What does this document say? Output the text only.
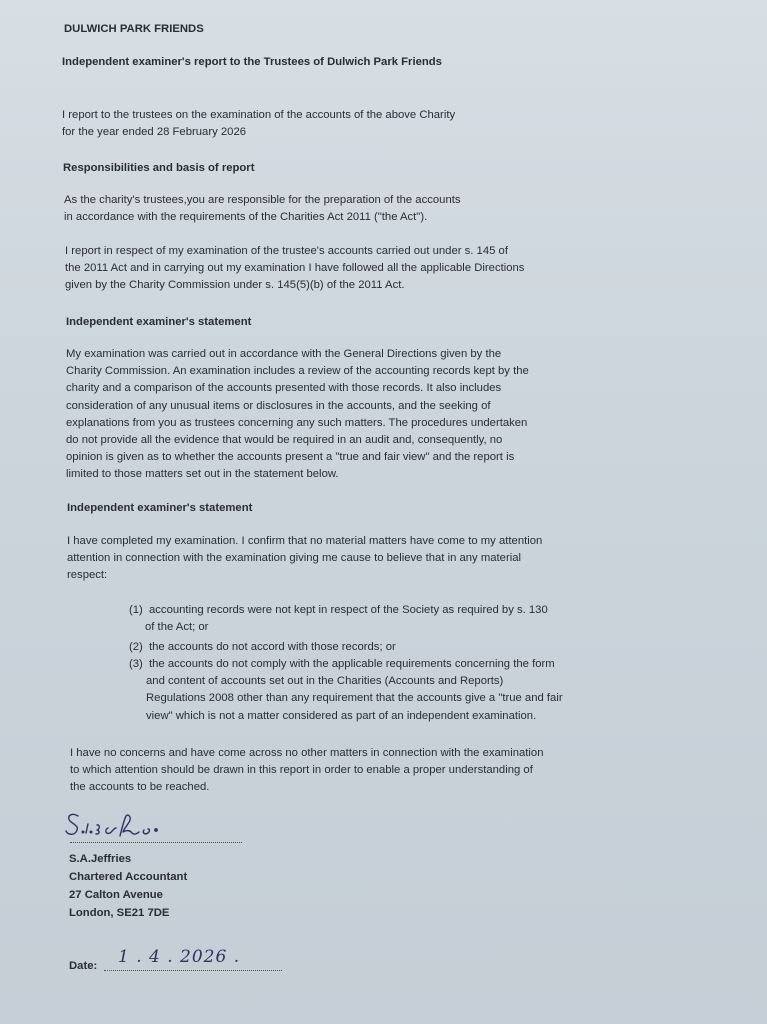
DULWICH PARK FRIENDS
Independent examiner's report to the Trustees of Dulwich Park Friends
I report to the trustees on the examination of the accounts of the above Charity
for the year ended 28 February 2026
Responsibilities and basis of report
As the charity's trustees,you are responsible for the preparation of the accounts
in accordance with the requirements of the Charities Act 2011 ("the Act").
I report in respect of my examination of the trustee's accounts carried out under s. 145 of
the 2011 Act and in carrying out my examination I have followed all the applicable Directions
given by the Charity Commission under s. 145(5)(b) of the 2011 Act.
Independent examiner's statement
My examination was carried out in accordance with the General Directions given by the
Charity Commission. An examination includes a review of the accounting records kept by the
charity and a comparison of the accounts presented with those records. It also includes
consideration of any unusual items or disclosures in the accounts, and the seeking of
explanations from you as trustees concerning any such matters. The procedures undertaken
do not provide all the evidence that would be required in an audit and, consequently, no
opinion is given as to whether the accounts present a "true and fair view" and the report is
limited to those matters set out in the statement below.
Independent examiner's statement
I have completed my examination. I confirm that no material matters have come to my attention
attention in connection with the examination giving me cause to believe that in any material
respect:
(1) accounting records were not kept in respect of the Society as required by s. 130
of the Act; or
(2) the accounts do not accord with those records; or
(3) the accounts do not comply with the applicable requirements concerning the form
and content of accounts set out in the Charities (Accounts and Reports)
Regulations 2008 other than any requirement that the accounts give a "true and fair
view" which is not a matter considered as part of an independent examination.
I have no concerns and have come across no other matters in connection with the examination
to which attention should be drawn in this report in order to enable a proper understanding of
the accounts to be reached.
S.A.Jeffries
Chartered Accountant
27 Calton Avenue
London, SE21 7DE
Date: 1 . 4 . 2026 .
